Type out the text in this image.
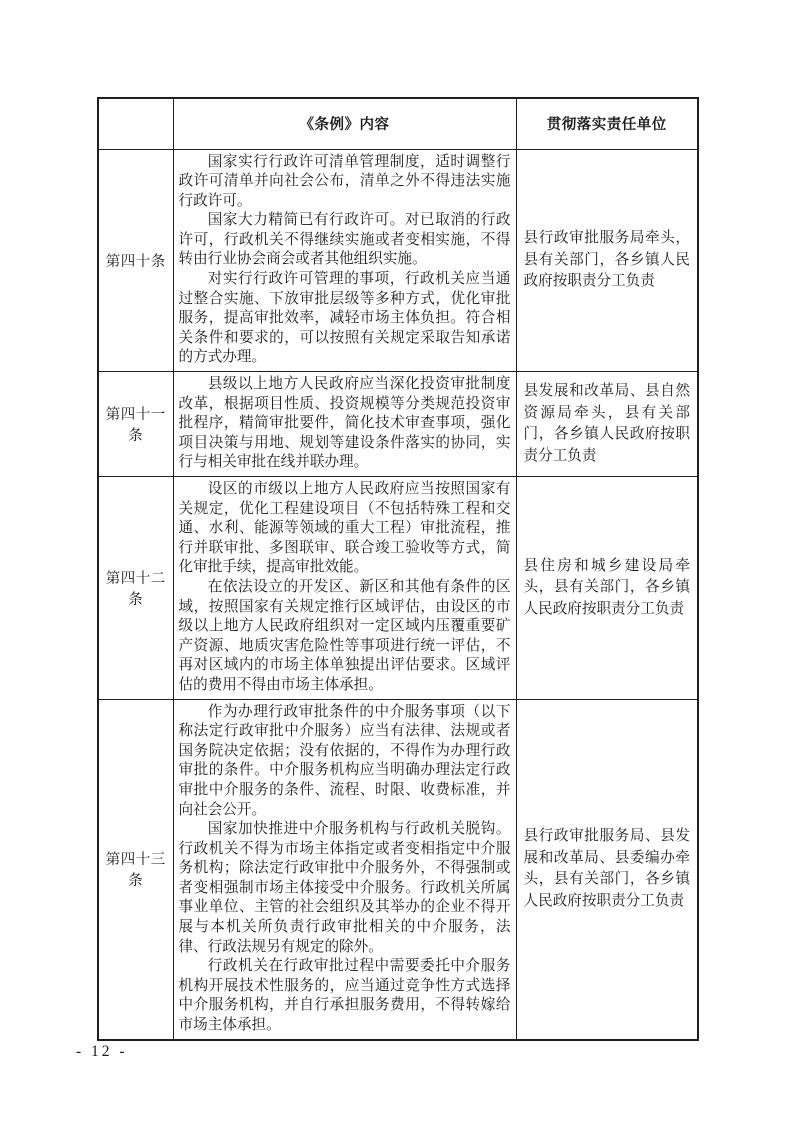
	《条例》内容	贯彻落实责任单位
第四十条	国家实行行政许可清单管理制度，适时调整行政许可清单并向社会公布，清单之外不得违法实施行政许可。

国家大力精简已有行政许可。对已取消的行政许可，行政机关不得继续实施或者变相实施，不得转由行业协会商会或者其他组织实施。

对实行行政许可管理的事项，行政机关应当通过整合实施、下放审批层级等多种方式，优化审批服务，提高审批效率，减轻市场主体负担。符合相关条件和要求的，可以按照有关规定采取告知承诺的方式办理。	县行政审批服务局牵头，县有关部门，各乡镇人民政府按职责分工负责
第四十一条	县级以上地方人民政府应当深化投资审批制度改革，根据项目性质、投资规模等分类规范投资审批程序，精简审批要件，简化技术审查事项，强化项目决策与用地、规划等建设条件落实的协同，实行与相关审批在线并联办理。	县发展和改革局、县自然资源局牵头，县有关部门，各乡镇人民政府按职责分工负责
第四十二条	设区的市级以上地方人民政府应当按照国家有关规定，优化工程建设项目（不包括特殊工程和交通、水利、能源等领域的重大工程）审批流程，推行并联审批、多图联审、联合竣工验收等方式，简化审批手续，提高审批效能。

在依法设立的开发区、新区和其他有条件的区域，按照国家有关规定推行区域评估，由设区的市级以上地方人民政府组织对一定区域内压覆重要矿产资源、地质灾害危险性等事项进行统一评估，不再对区域内的市场主体单独提出评估要求。区域评估的费用不得由市场主体承担。	县住房和城乡建设局牵头，县有关部门，各乡镇人民政府按职责分工负责
第四十三条	作为办理行政审批条件的中介服务事项（以下称法定行政审批中介服务）应当有法律、法规或者国务院决定依据；没有依据的，不得作为办理行政审批的条件。中介服务机构应当明确办理法定行政审批中介服务的条件、流程、时限、收费标准，并向社会公开。

国家加快推进中介服务机构与行政机关脱钩。行政机关不得为市场主体指定或者变相指定中介服务机构；除法定行政审批中介服务外，不得强制或者变相强制市场主体接受中介服务。行政机关所属事业单位、主管的社会组织及其举办的企业不得开展与本机关所负责行政审批相关的中介服务，法律、行政法规另有规定的除外。

行政机关在行政审批过程中需要委托中介服务机构开展技术性服务的，应当通过竞争性方式选择中介服务机构，并自行承担服务费用，不得转嫁给市场主体承担。	县行政审批服务局、县发展和改革局、县委编办牵头，县有关部门，各乡镇人民政府按职责分工负责
- 12 -
